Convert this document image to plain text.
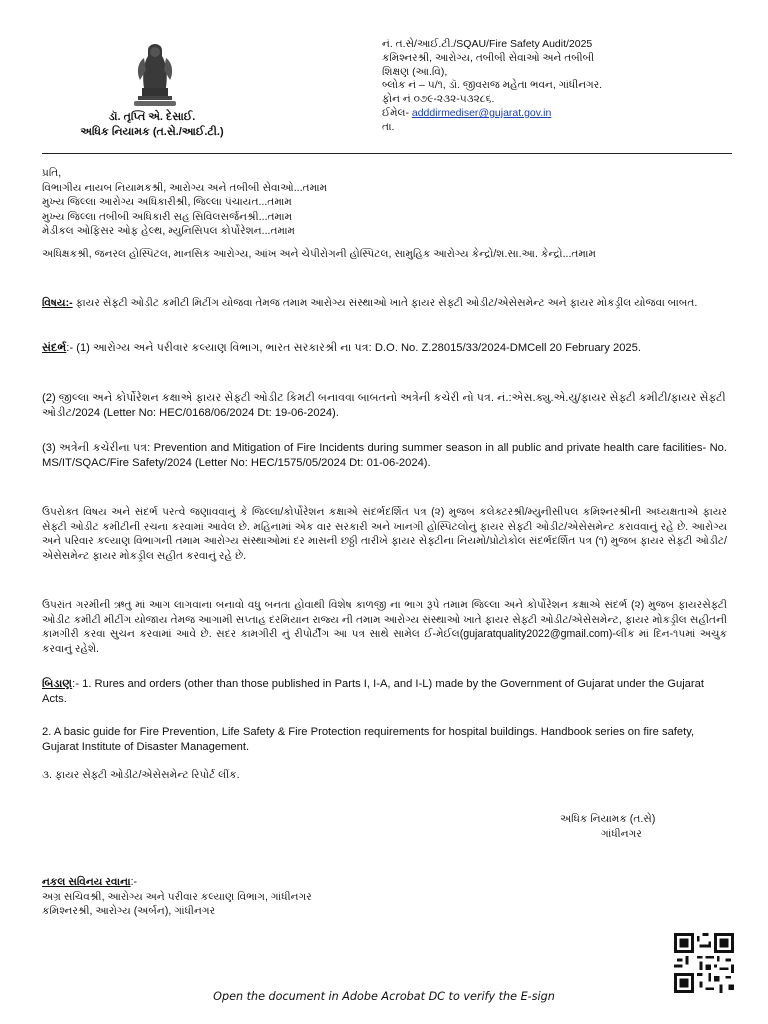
ડૉ. તૃપ્તિ એ. દેસાઈ.
અધિક નિયામક (ત.સે./આઈ.ટી.)
નં. ત.સે/આઈ.ટી./SQAU/Fire Safety Audit/2025
કમિશ્નરશ્રી, આરોગ્ય, તબીબી સેવાઓ અને તબીબી
શિક્ષણ (આ.વિ),
બ્લોક નં – ૫/૧, ડૉ. જીવરાજ મહેતા ભવન, ગાંધીનગર.
ફોન નં ૦૭૯-૨૩૨-૫૩૨૮૬.
ઈમેલ- adddirmediser@gujarat.gov.in
તા.
પ્રતિ,
વિભાગીય નાયબ નિયામકશ્રી, આરોગ્ય અને તબીબી સેવાઓ...તમામ
મુખ્ય જિલ્લા આરોગ્ય અધિકારીશ્રી, જિલ્લા પંચાયત...તમામ
મુખ્ય જિલ્લા તબીબી અધિકારી સહ સિવિલસર્જનશ્રી...તમામ
મેડીકલ ઓફિસર ઓફ હેલ્થ, મ્યુનિસિપલ કોર્પોરેશન...તમામ
અધિક્ષકશ્રી, જનરલ હોસ્પિટલ, માનસિક આરોગ્ય, આંખ અને ચેપીરોગની હોસ્પિટલ, સામુહિક આરોગ્ય કેન્દ્રો/શ.સા.આ. કેન્દ્રો...તમામ
વિષય:- ફાયર સેફ્ટી ઓડીટ કમીટી મિટીંગ યોજવા તેમજ તમામ આરોગ્ય સંસ્થાઓ ખાતે ફાયર સેફ્ટી ઓડીટ/એસેસમેન્ટ અને ફાયર મોકડ્રીલ યોજવા બાબત.
સંદર્ભ:- (1) આરોગ્ય અને પરીવાર કલ્યાણ વિભાગ, ભારત સરકારશ્રી ના પત્ર: D.O. No. Z.28015/33/2024-DMCell 20 February 2025.
(2) જીલ્લા અને કોર્પોરેશન કક્ષાએ ફાયર સેફ્ટી ઓડીટ કિમટી બનાવવા બાબતનો અત્રેની કચેરી નો પત્ર. નં.:એસ.ક્યુ.એ.યુ/ફાયર સેફ્ટી કમીટી/ફાયર સેફ્ટી ઓડીટ/2024 (Letter No: HEC/0168/06/2024 Dt: 19-06-2024).
(3) અત્રેની કચેરીના પત્ર: Prevention and Mitigation of Fire Incidents during summer season in all public and private health care facilities- No. MS/IT/SQAC/Fire Safety/2024 (Letter No: HEC/1575/05/2024 Dt: 01-06-2024).
ઉપરોક્ત વિષય અને સંદર્ભ પરત્વે જણાવવાનું કે જિલ્લા/કોર્પોરેશન કક્ષાએ સંદર્ભદર્શિત પત્ર (૨) મુજબ કલેક્ટરશ્રી/મ્યુનીસીપલ કમિશ્નરશ્રીની અધ્યક્ષતાએ ફાયર સેફ્ટી ઓડીટ કમીટીની રચના કરવામાં આવેલ છે. મહિનામાં એક વાર સરકારી અને ખાનગી હોસ્પિટલોનું ફાયર સેફ્ટી ઓડીટ/એસેસમેન્ટ કરાવવાનું રહે છે. આરોગ્ય અને પરિવાર કલ્યાણ વિભાગની તમામ આરોગ્ય સંસ્થાઓમાં દર માસની છઠ્ઠી તારીખે ફાયર સેફ્ટીના નિયમો/પ્રોટોકોલ સંદર્ભદર્શિત પત્ર (૧) મુજબ ફાયર સેફ્ટી ઓડીટ/એસેસમેન્ટ ફાયર મોકડ્રીલ સહીત કરવાનું રહે છે.
ઉપરાંત ગરમીની ઋતુ માં આગ લાગવાના બનાવો વધુ બનતા હોવાથી વિશેષ કાળજી ના ભાગ રૂપે તમામ જિલ્લા અને કોર્પોરેશન કક્ષાએ સંદર્ભ (૨) મુજબ ફાયરસેફ્ટી ઓડીટ કમીટી મીટીંગ યોજાય તેમજ આગામી સપ્તાહ દરમિયાન રાજ્ય ની તમામ આરોગ્ય સંસ્થાઓ ખાતે ફાયર સેફ્ટી ઓડીટ/એસેસમેન્ટ, ફાયર મોકડ્રીલ સહીતની કામગીરી કરવા સુચન કરવામાં આવે છે. સદર કામગીરી નું રીપોર્ટીંગ આ પત્ર સાથે સામેલ ઈ-મેઈલ(gujaratquality2022@gmail.com)-લીંક માં દિન-૧૫માં અચુક કરવાનું રહેશે.
બિડાણ:- 1. Rures and orders (other than those published in Parts I, I-A, and I-L) made by the Government of Gujarat under the Gujarat Acts.
2. A basic guide for Fire Prevention, Life Safety & Fire Protection requirements for hospital buildings. Handbook series on fire safety, Gujarat Institute of Disaster Management.
૩. ફાયર સેફ્ટી ઓડીટ/એસેસમેન્ટ રિપોર્ટ લીંક.
અધિક નિયામક (ત.સે)
ગાંધીનગર
નકલ સવિનય રવાના:-
અગ્ર સચિવશ્રી, આરોગ્ય અને પરીવાર કલ્યાણ વિભાગ, ગાંધીનગર
કમિશ્નરશ્રી, આરોગ્ય (અર્બન), ગાંધીનગર
Open the document in Adobe Acrobat DC to verify the E-sign
